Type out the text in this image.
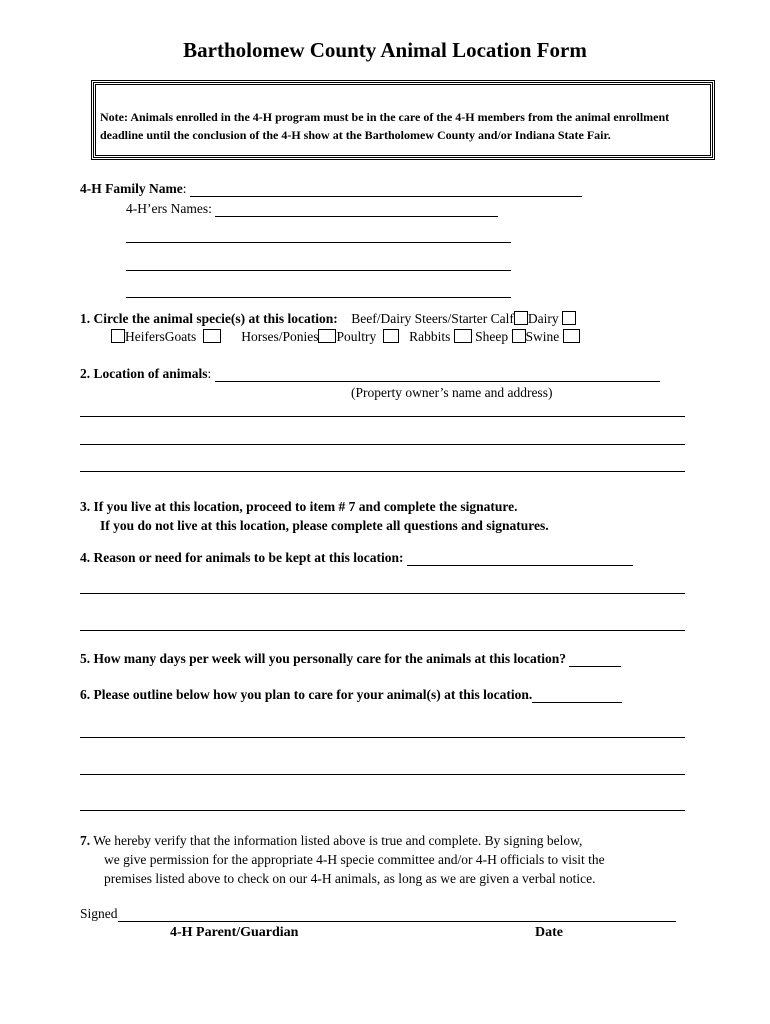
Bartholomew County Animal Location Form
Note: Animals enrolled in the 4-H program must be in the care of the 4-H members from the animal enrollment deadline until the conclusion of the 4-H show at the Bartholomew County and/or Indiana State Fair.
4-H Family Name:
4-H’ers Names:
1. Circle the animal specie(s) at this location: Beef/Dairy Steers/Starter Calf Dairy
HeifersGoats	Horses/Ponies Poultry Rabbits Sheep Swine
2. Location of animals:
(Property owner’s name and address)
3. If you live at this location, proceed to item # 7 and complete the signature.
If you do not live at this location, please complete all questions and signatures.
4. Reason or need for animals to be kept at this location:
5. How many days per week will you personally care for the animals at this location?
6. Please outline below how you plan to care for your animal(s) at this location.
7. We hereby verify that the information listed above is true and complete. By signing below,
we give permission for the appropriate 4-H specie committee and/or 4-H officials to visit the
premises listed above to check on our 4-H animals, as long as we are given a verbal notice.
Signed
4-H Parent/Guardian	Date
